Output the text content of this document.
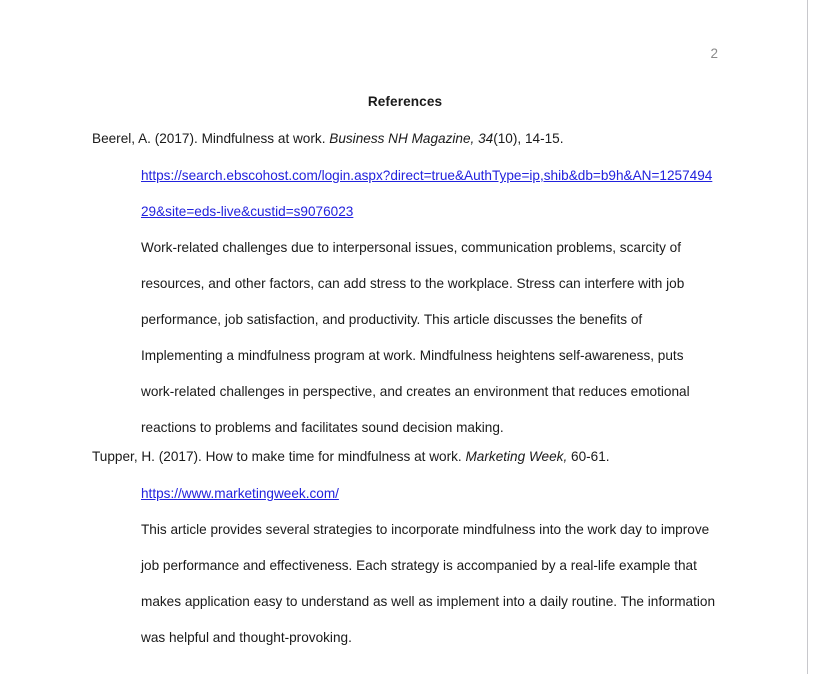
2
References

Beerel, A. (2017). Mindfulness at work. Business NH Magazine, 34(10), 14-15.

https://search.ebscohost.com/login.aspx?direct=true&AuthType=ip,shib&db=b9h&AN=1257494
29&site=eds-live&custid=s9076023

Work-related challenges due to interpersonal issues, communication problems, scarcity of resources, and other factors, can add stress to the workplace. Stress can interfere with job performance, job satisfaction, and productivity. This article discusses the benefits of Implementing a mindfulness program at work. Mindfulness heightens self-awareness, puts work-related challenges in perspective, and creates an environment that reduces emotional reactions to problems and facilitates sound decision making.

Tupper, H. (2017). How to make time for mindfulness at work. Marketing Week, 60-61.

https://www.marketingweek.com/

This article provides several strategies to incorporate mindfulness into the work day to improve job performance and effectiveness. Each strategy is accompanied by a real-life example that makes application easy to understand as well as implement into a daily routine. The information was helpful and thought-provoking.
